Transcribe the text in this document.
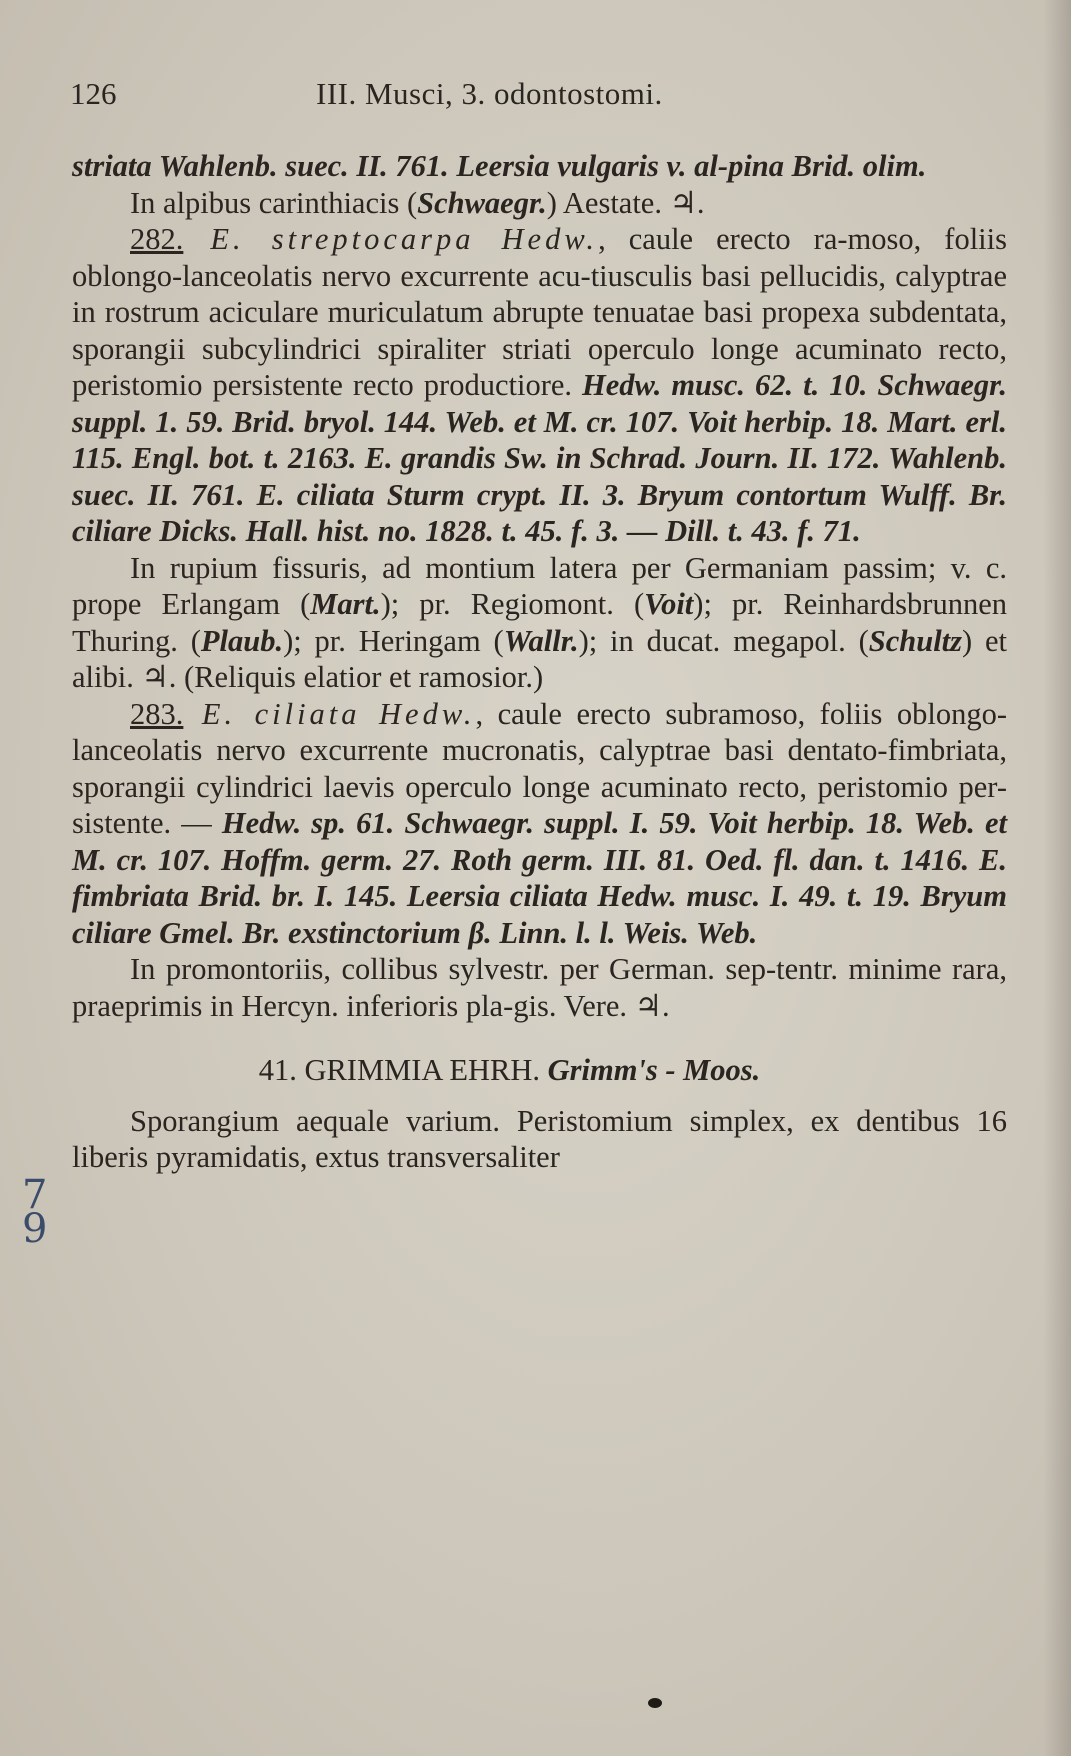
126	III. Musci, 3. odontostomi.
7
9

striata Wahlenb. suec. II. 761. Leersia vulgaris v. al-pina Brid. olim.

In alpibus carinthiacis (Schwaegr.) Aestate. ♃.

282. E. streptocarpa Hedw., caule erecto ra-moso, foliis oblongo-lanceolatis nervo excurrente acu-tiusculis basi pellucidis, calyptrae in rostrum aciculare muriculatum abrupte tenuatae basi propexa subdentata, sporangii subcylindrici spiraliter striati operculo longe acuminato recto, peristomio persistente recto productiore. Hedw. musc. 62. t. 10. Schwaegr. suppl. 1. 59. Brid. bryol. 144. Web. et M. cr. 107. Voit herbip. 18. Mart. erl. 115. Engl. bot. t. 2163. E. grandis Sw. in Schrad. Journ. II. 172. Wahlenb. suec. II. 761. E. ciliata Sturm crypt. II. 3. Bryum contortum Wulff. Br. ciliare Dicks. Hall. hist. no. 1828. t. 45. f. 3. — Dill. t. 43. f. 71.

In rupium fissuris, ad montium latera per Germaniam passim; v. c. prope Erlangam (Mart.); pr. Regiomont. (Voit); pr. Reinhardsbrunnen Thuring. (Plaub.); pr. Heringam (Wallr.); in ducat. megapol. (Schultz) et alibi. ♃. (Reliquis elatior et ramosior.)

283. E. ciliata Hedw., caule erecto subramoso, foliis oblongo-lanceolatis nervo excurrente mucronatis, calyptrae basi dentato-fimbriata, sporangii cylindrici laevis operculo longe acuminato recto, peristomio per-sistente. — Hedw. sp. 61. Schwaegr. suppl. I. 59. Voit herbip. 18. Web. et M. cr. 107. Hoffm. germ. 27. Roth germ. III. 81. Oed. fl. dan. t. 1416. E. fimbriata Brid. br. I. 145. Leersia ciliata Hedw. musc. I. 49. t. 19. Bryum ciliare Gmel. Br. exstinctorium β. Linn. l. l. Weis. Web.

In promontoriis, collibus sylvestr. per German. sep-tentr. minime rara, praeprimis in Hercyn. inferioris pla-gis. Vere. ♃.

41. GRIMMIA EHRH. Grimm's - Moos.

Sporangium aequale varium. Peristomium simplex, ex dentibus 16 liberis pyramidatis, extus transversaliter
